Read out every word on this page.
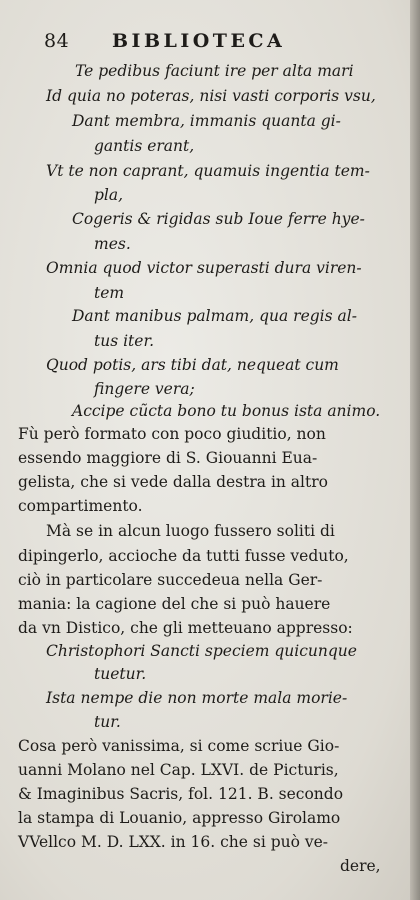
84 BIBLIOTECA
Te pedibus faciunt ire per alta mari
Id quia no poteras, nisi vasti corporis vsu,
Dant membra, immanis quanta gi-
gantis erant,
Vt te non caprant, quamuis ingentia tem-
pla,
Cogeris & rigidas sub Ioue ferre hye-
mes.
Omnia quod victor superasti dura viren-
tem
Dant manibus palmam, qua regis al-
tus iter.
Quod potis, ars tibi dat, nequeat cum
fingere vera;
Accipe cũcta bono tu bonus ista animo.
Fù però formato con poco giuditio, non
essendo maggiore di S. Giouanni Eua-
gelista, che si vede dalla destra in altro
compartimento.
Mà se in alcun luogo fussero soliti di
dipingerlo, accioche da tutti fusse veduto,
ciò in particolare succedeua nella Ger-
mania: la cagione del che si può hauere
da vn Distico, che gli metteuano appresso:
Christophori Sancti speciem quicunque
tuetur.
Ista nempe die non morte mala morie-
tur.
Cosa però vanissima, si come scriue Gio-
uanni Molano nel Cap. LXVI. de Picturis,
& Imaginibus Sacris, fol. 121. B. secondo
la stampa di Louanio, appresso Girolamo
VVellco M. D. LXX. in 16. che si può ve-
dere,
